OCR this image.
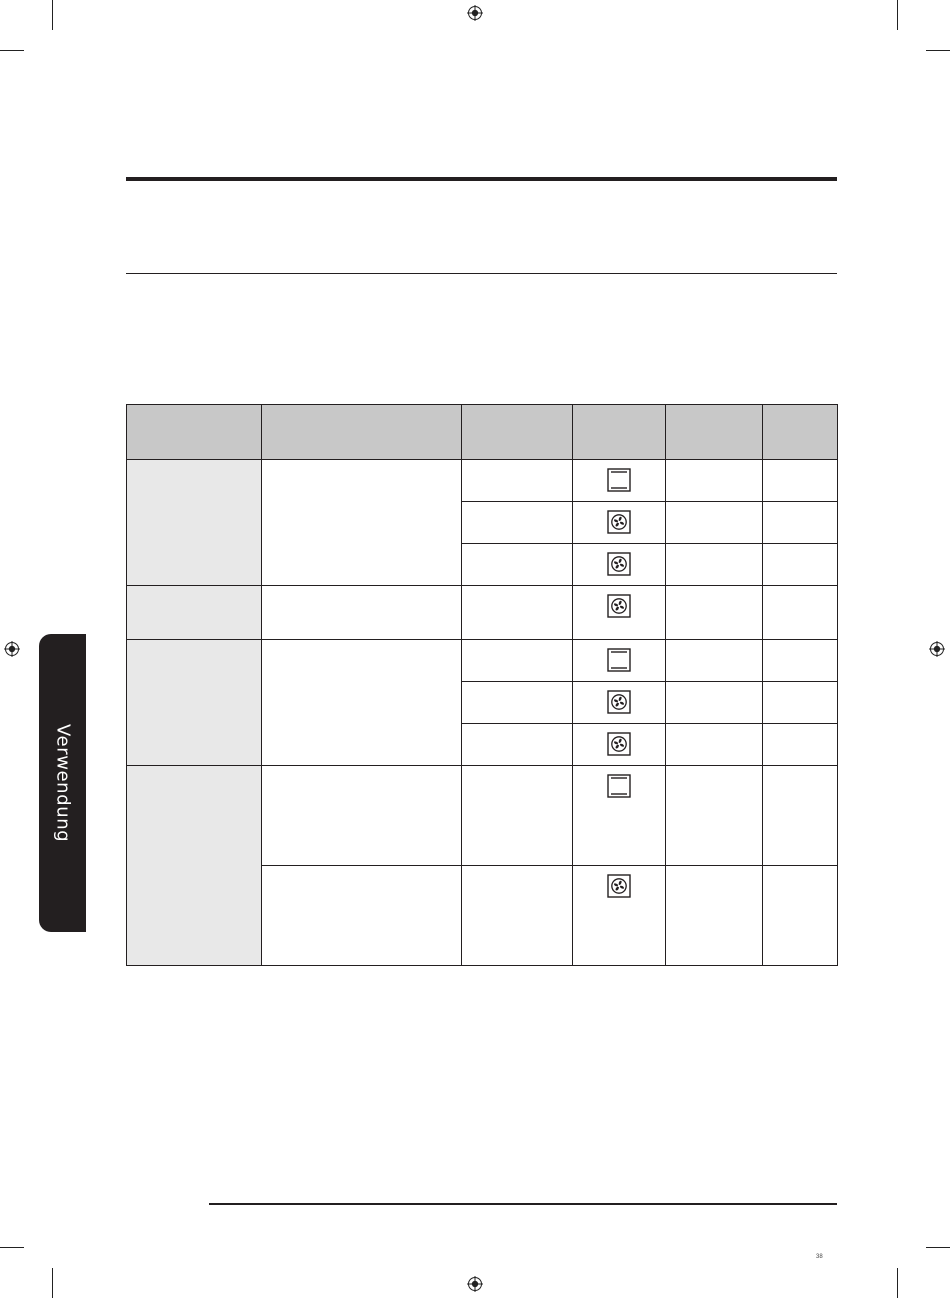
Verwendung

38
